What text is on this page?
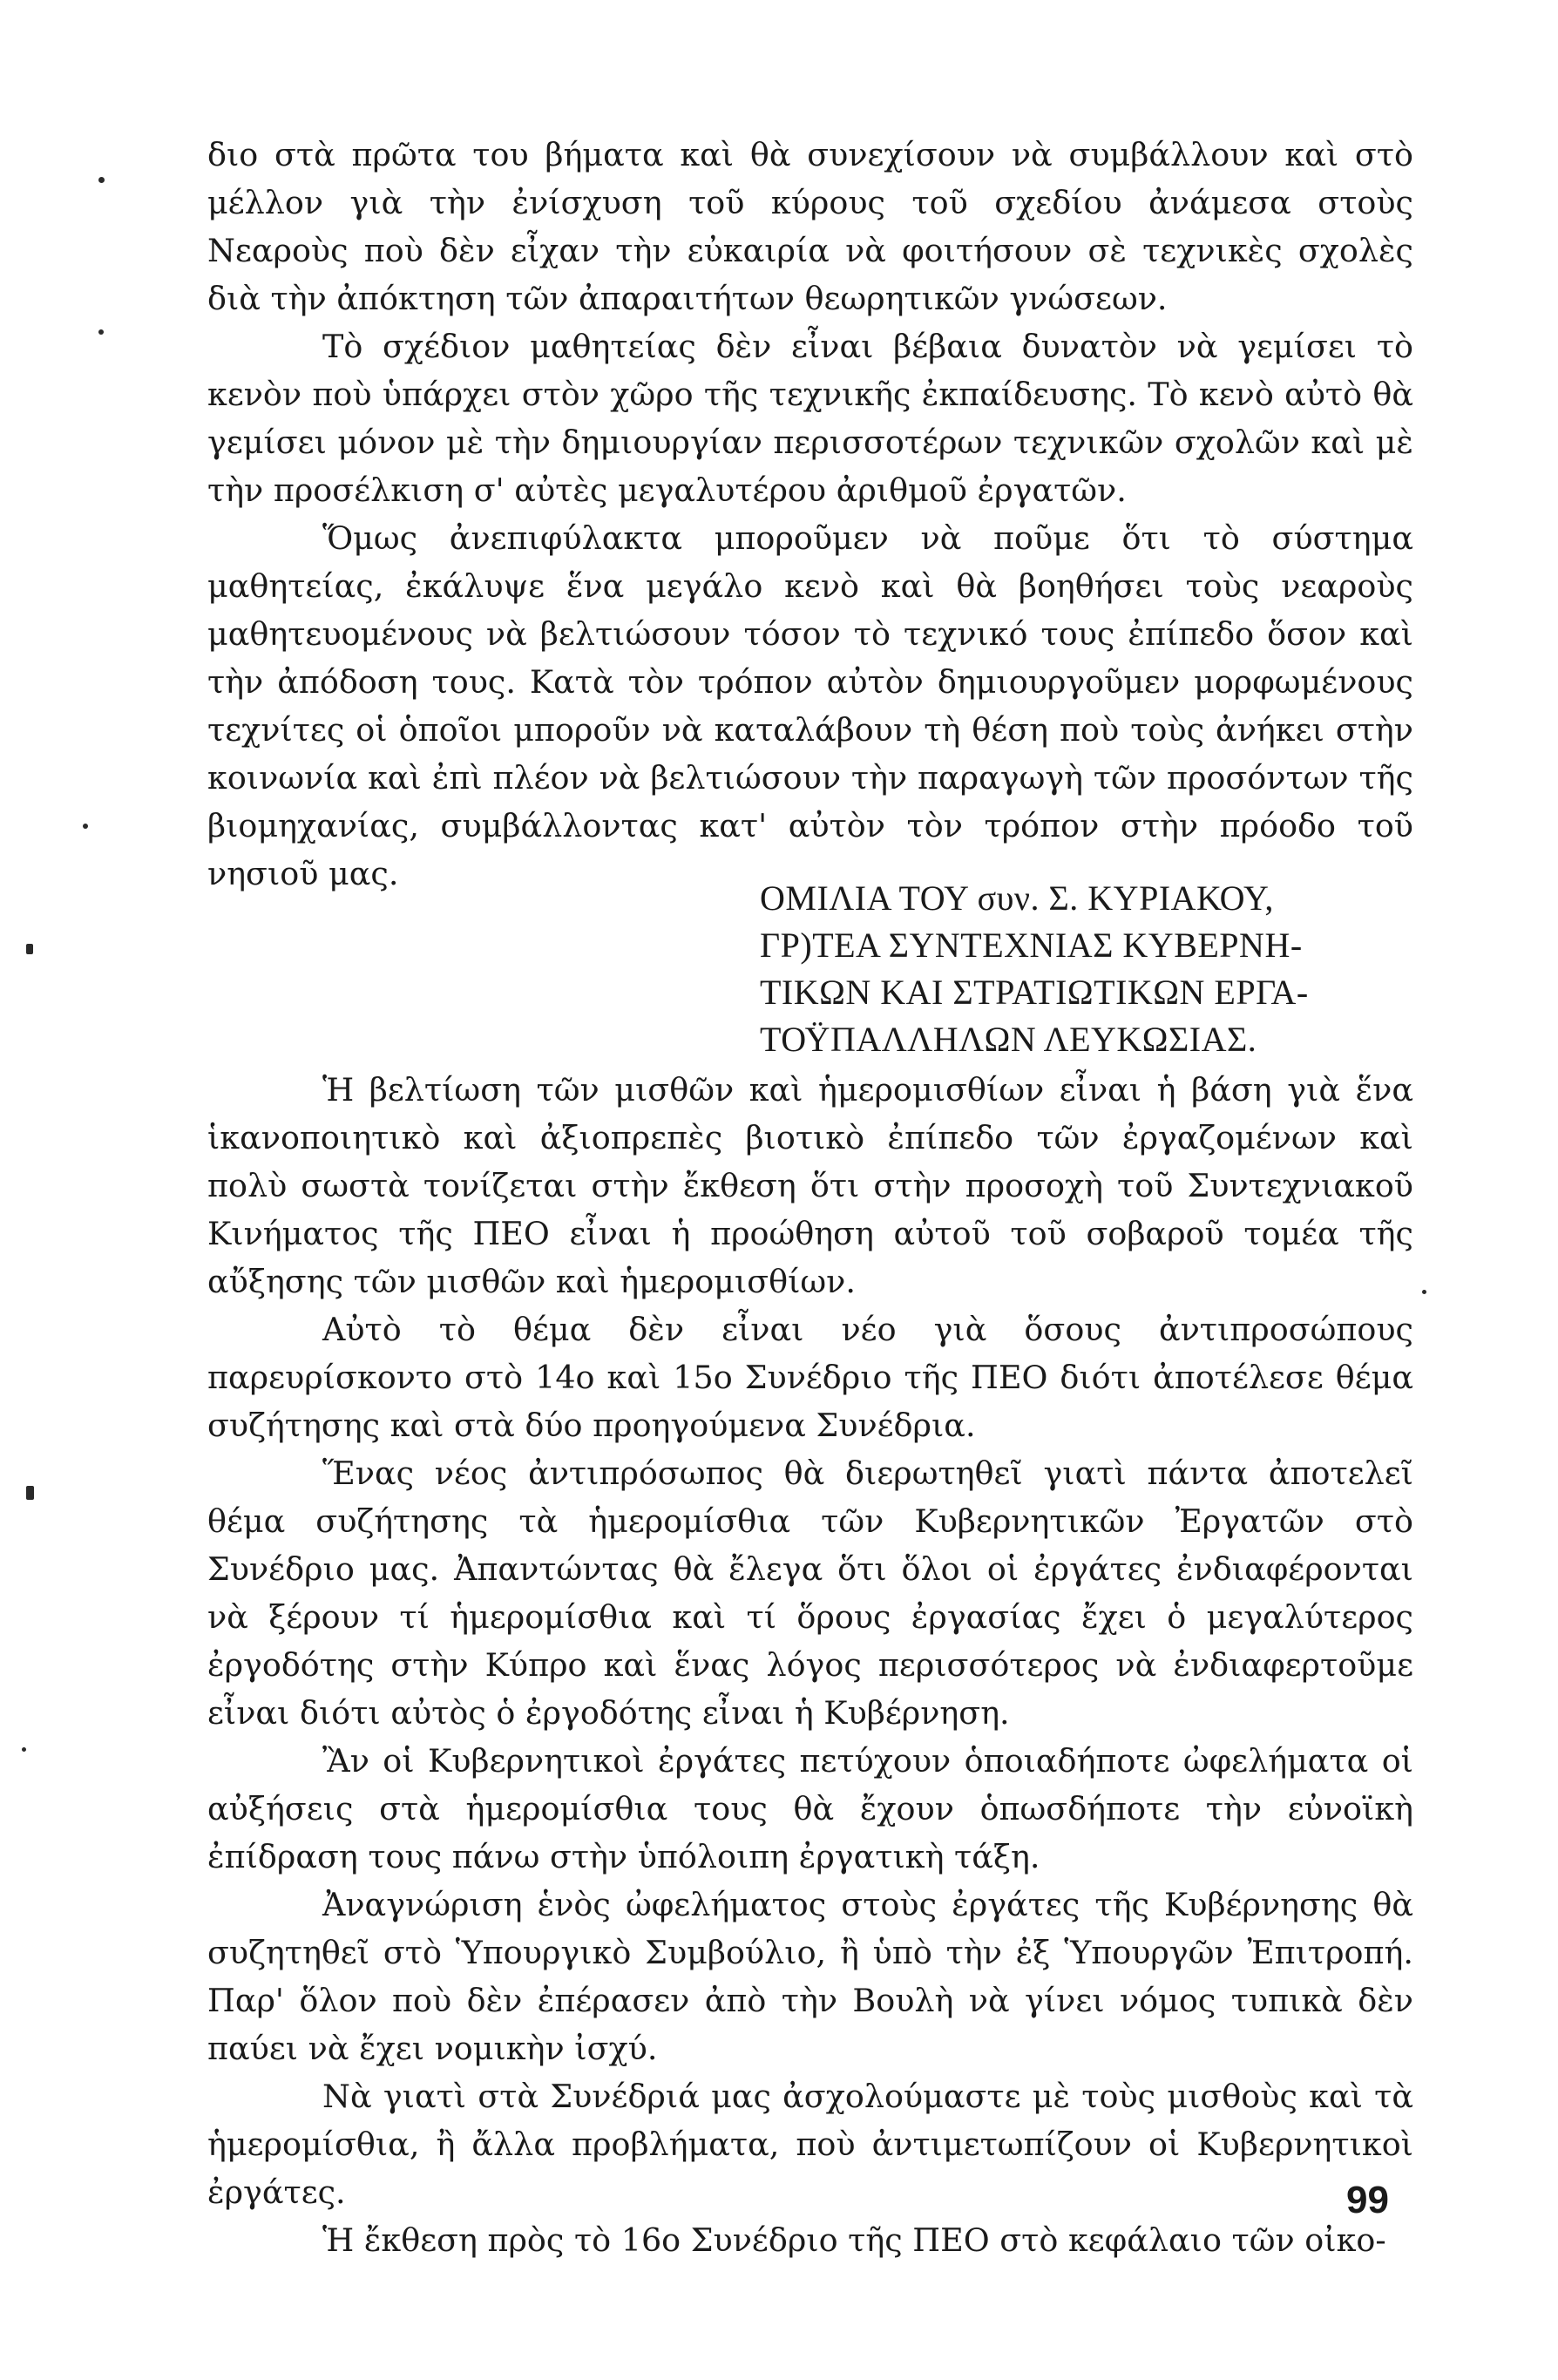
διο στὰ πρῶτα του βήματα καὶ θὰ συνεχίσουν νὰ συμβάλλουν καὶ στὸ μέλλον γιὰ τὴν ἐνίσχυση τοῦ κύρους τοῦ σχεδίου ἀνάμεσα στοὺς Νεαροὺς ποὺ δὲν εἶχαν τὴν εὐκαιρία νὰ φοιτήσουν σὲ τεχνικὲς σχολὲς διὰ τὴν ἀπόκτηση τῶν ἀπαραιτήτων θεωρητικῶν γνώσεων.

Τὸ σχέδιον μαθητείας δὲν εἶναι βέβαια δυνατὸν νὰ γεμίσει τὸ κενὸν ποὺ ὑπάρχει στὸν χῶρο τῆς τεχνικῆς ἐκπαίδευσης. Τὸ κενὸ αὐτὸ θὰ γεμίσει μόνον μὲ τὴν δημιουργίαν περισσοτέρων τεχνικῶν σχολῶν καὶ μὲ τὴν προσέλκιση σ' αὐτὲς μεγαλυτέρου ἀριθμοῦ ἐργατῶν.

Ὅμως ἀνεπιφύλακτα μποροῦμεν νὰ ποῦμε ὅτι τὸ σύστημα μαθητείας, ἐκάλυψε ἕνα μεγάλο κενὸ καὶ θὰ βοηθήσει τοὺς νεαροὺς μαθητευομένους νὰ βελτιώσουν τόσον τὸ τεχνικό τους ἐπίπεδο ὅσον καὶ τὴν ἀπόδοση τους. Κατὰ τὸν τρόπον αὐτὸν δημιουργοῦμεν μορφωμένους τεχνίτες οἱ ὁποῖοι μποροῦν νὰ καταλάβουν τὴ θέση ποὺ τοὺς ἀνήκει στὴν κοινωνία καὶ ἐπὶ πλέον νὰ βελτιώσουν τὴν παραγωγὴ τῶν προσόντων τῆς βιομηχανίας, συμβάλλοντας κατ' αὐτὸν τὸν τρόπον στὴν πρόοδο τοῦ νησιοῦ μας.

ΟΜΙΛΙΑ ΤΟΥ συν. Σ. ΚΥΡΙΑΚΟΥ,
ΓΡ)ΤΕΑ ΣΥΝΤΕΧΝΙΑΣ ΚΥΒΕΡΝΗ-
ΤΙΚΩΝ ΚΑΙ ΣΤΡΑΤΙΩΤΙΚΩΝ ΕΡΓΑ-
ΤΟΫΠΑΛΛΗΛΩΝ ΛΕΥΚΩΣΙΑΣ.

Ἡ βελτίωση τῶν μισθῶν καὶ ἡμερομισθίων εἶναι ἡ βάση γιὰ ἕνα ἱκανοποιητικὸ καὶ ἀξιοπρεπὲς βιοτικὸ ἐπίπεδο τῶν ἐργαζομένων καὶ πολὺ σωστὰ τονίζεται στὴν ἔκθεση ὅτι στὴν προσοχὴ τοῦ Συντεχνιακοῦ Κινήματος τῆς ΠΕΟ εἶναι ἡ προώθηση αὐτοῦ τοῦ σοβαροῦ τομέα τῆς αὔξησης τῶν μισθῶν καὶ ἡμερομισθίων.

Αὐτὸ τὸ θέμα δὲν εἶναι νέο γιὰ ὅσους ἀντιπροσώπους παρευρίσκοντο στὸ 14ο καὶ 15ο Συνέδριο τῆς ΠΕΟ διότι ἀποτέλεσε θέμα συζήτησης καὶ στὰ δύο προηγούμενα Συνέδρια.

Ἕνας νέος ἀντιπρόσωπος θὰ διερωτηθεῖ γιατὶ πάντα ἀποτελεῖ θέμα συζήτησης τὰ ἡμερομίσθια τῶν Κυβερνητικῶν Ἐργατῶν στὸ Συνέδριο μας. Ἀπαντώντας θὰ ἔλεγα ὅτι ὅλοι οἱ ἐργάτες ἐνδιαφέρονται νὰ ξέρουν τί ἡμερομίσθια καὶ τί ὅρους ἐργασίας ἔχει ὁ μεγαλύτερος ἐργοδότης στὴν Κύπρο καὶ ἕνας λόγος περισσότερος νὰ ἐνδιαφερτοῦμε εἶναι διότι αὐτὸς ὁ ἐργοδότης εἶναι ἡ Κυβέρνηση.

Ἂν οἱ Κυβερνητικοὶ ἐργάτες πετύχουν ὁποιαδήποτε ὠφελήματα οἱ αὐξήσεις στὰ ἡμερομίσθια τους θὰ ἔχουν ὁπωσδήποτε τὴν εὐνοϊκὴ ἐπίδραση τους πάνω στὴν ὑπόλοιπη ἐργατικὴ τάξη.

Ἀναγνώριση ἑνὸς ὠφελήματος στοὺς ἐργάτες τῆς Κυβέρνησης θὰ συζητηθεῖ στὸ Ὑπουργικὸ Συμβούλιο, ἢ ὑπὸ τὴν ἐξ Ὑπουργῶν Ἐπιτροπή. Παρ' ὅλον ποὺ δὲν ἐπέρασεν ἀπὸ τὴν Βουλὴ νὰ γίνει νόμος τυπικὰ δὲν παύει νὰ ἔχει νομικὴν ἰσχύ.

Νὰ γιατὶ στὰ Συνέδριά μας ἀσχολούμαστε μὲ τοὺς μισθοὺς καὶ τὰ ἡμερομίσθια, ἢ ἄλλα προβλήματα, ποὺ ἀντιμετωπίζουν οἱ Κυβερνητικοὶ ἐργάτες.

Ἡ ἔκθεση πρὸς τὸ 16ο Συνέδριο τῆς ΠΕΟ στὸ κεφάλαιο τῶν οἰκο-

99
